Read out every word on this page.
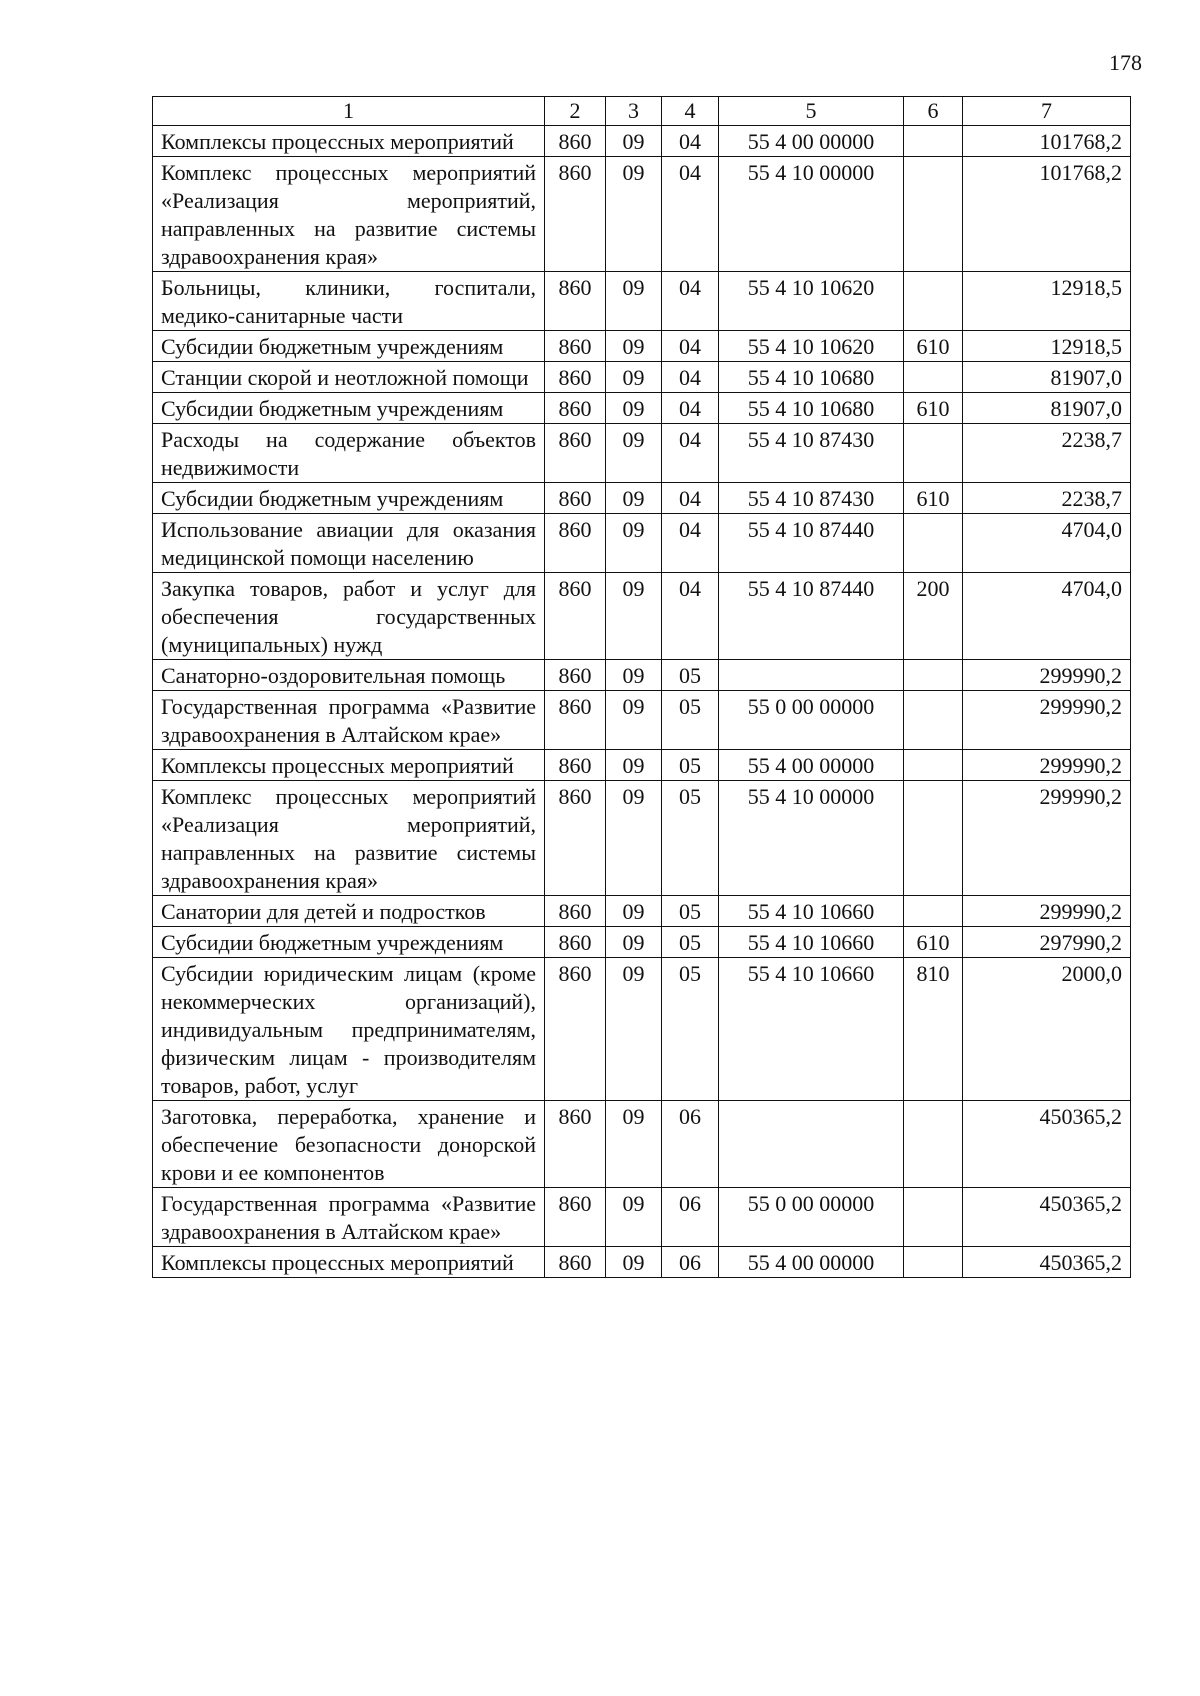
178
1	2	3	4	5	6	7
Комплексы процессных мероприятий	860	09	04	55 4 00 00000		101768,2
Комплекс процессных мероприятий «Реализация мероприятий, направленных на развитие системы здравоохранения края»	860	09	04	55 4 10 00000		101768,2
Больницы, клиники, госпитали, медико-санитарные части	860	09	04	55 4 10 10620		12918,5
Субсидии бюджетным учреждениям	860	09	04	55 4 10 10620	610	12918,5
Станции скорой и неотложной помощи	860	09	04	55 4 10 10680		81907,0
Субсидии бюджетным учреждениям	860	09	04	55 4 10 10680	610	81907,0
Расходы на содержание объектов недвижимости	860	09	04	55 4 10 87430		2238,7
Субсидии бюджетным учреждениям	860	09	04	55 4 10 87430	610	2238,7
Использование авиации для оказания медицинской помощи населению	860	09	04	55 4 10 87440		4704,0
Закупка товаров, работ и услуг для обеспечения государственных (муниципальных) нужд	860	09	04	55 4 10 87440	200	4704,0
Санаторно-оздоровительная помощь	860	09	05			299990,2
Государственная программа «Развитие здравоохранения в Алтайском крае»	860	09	05	55 0 00 00000		299990,2
Комплексы процессных мероприятий	860	09	05	55 4 00 00000		299990,2
Комплекс процессных мероприятий «Реализация мероприятий, направленных на развитие системы здравоохранения края»	860	09	05	55 4 10 00000		299990,2
Санатории для детей и подростков	860	09	05	55 4 10 10660		299990,2
Субсидии бюджетным учреждениям	860	09	05	55 4 10 10660	610	297990,2
Субсидии юридическим лицам (кроме некоммерческих организаций), индивидуальным предпринимателям, физическим лицам - производителям товаров, работ, услуг	860	09	05	55 4 10 10660	810	2000,0
Заготовка, переработка, хранение и обеспечение безопасности донорской крови и ее компонентов	860	09	06			450365,2
Государственная программа «Развитие здравоохранения в Алтайском крае»	860	09	06	55 0 00 00000		450365,2
Комплексы процессных мероприятий	860	09	06	55 4 00 00000		450365,2
